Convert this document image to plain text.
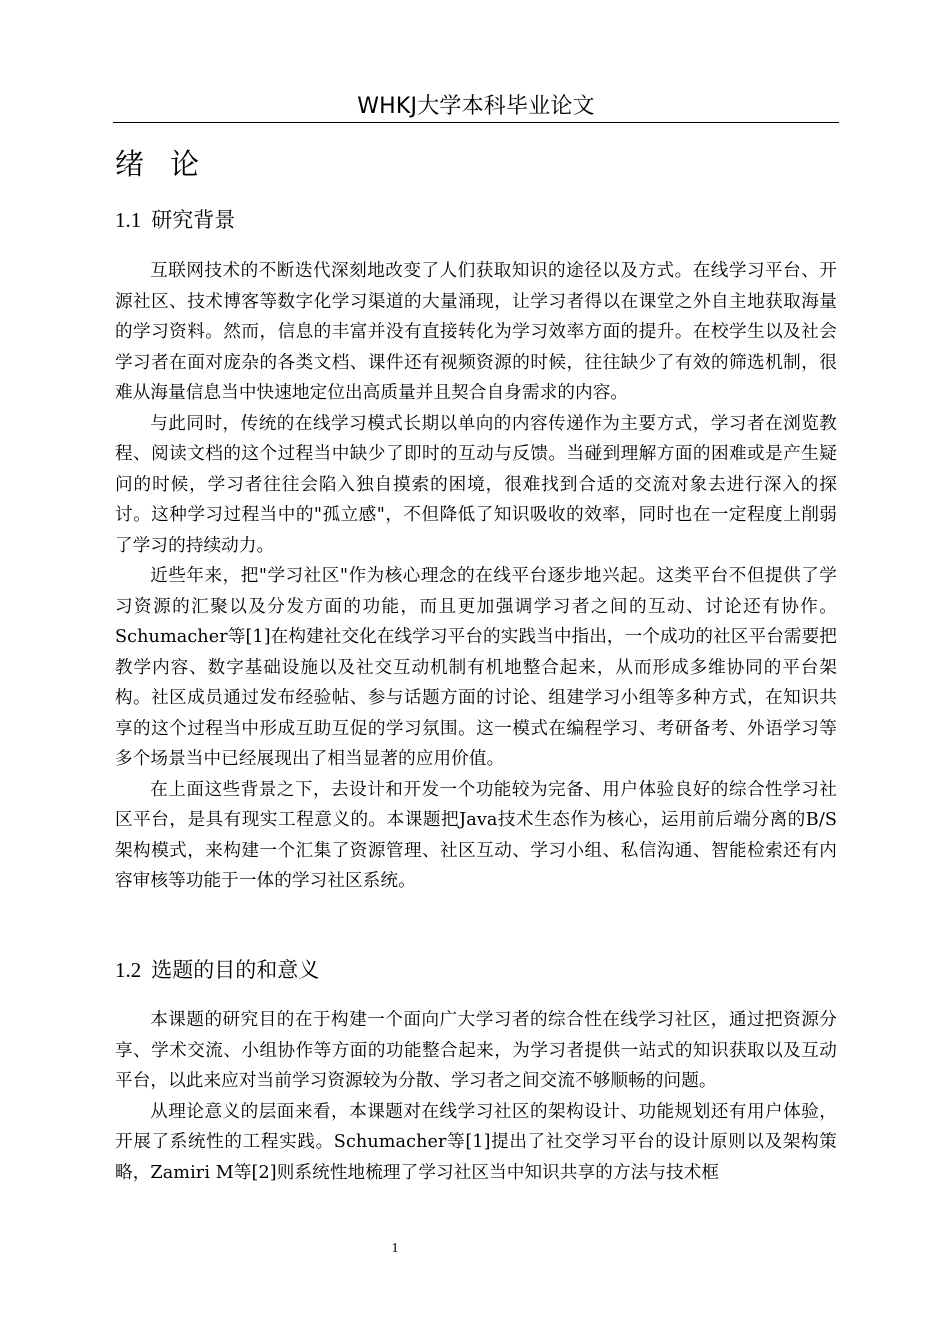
WHKJ大学本科毕业论文
绪论
1.1 研究背景

互联网技术的不断迭代深刻地改变了人们获取知识的途径以及方式。在线学习平台、开源社区、技术博客等数字化学习渠道的大量涌现，让学习者得以在课堂之外自主地获取海量的学习资料。然而，信息的丰富并没有直接转化为学习效率方面的提升。在校学生以及社会学习者在面对庞杂的各类文档、课件还有视频资源的时候，往往缺少了有效的筛选机制，很难从海量信息当中快速地定位出高质量并且契合自身需求的内容。

与此同时，传统的在线学习模式长期以单向的内容传递作为主要方式，学习者在浏览教程、阅读文档的这个过程当中缺少了即时的互动与反馈。当碰到理解方面的困难或是产生疑问的时候，学习者往往会陷入独自摸索的困境，很难找到合适的交流对象去进行深入的探讨。这种学习过程当中的"孤立感"，不但降低了知识吸收的效率，同时也在一定程度上削弱了学习的持续动力。

近些年来，把"学习社区"作为核心理念的在线平台逐步地兴起。这类平台不但提供了学习资源的汇聚以及分发方面的功能，而且更加强调学习者之间的互动、讨论还有协作。Schumacher等[1]在构建社交化在线学习平台的实践当中指出，一个成功的社区平台需要把教学内容、数字基础设施以及社交互动机制有机地整合起来，从而形成多维协同的平台架构。社区成员通过发布经验帖、参与话题方面的讨论、组建学习小组等多种方式，在知识共享的这个过程当中形成互助互促的学习氛围。这一模式在编程学习、考研备考、外语学习等多个场景当中已经展现出了相当显著的应用价值。

在上面这些背景之下，去设计和开发一个功能较为完备、用户体验良好的综合性学习社区平台，是具有现实工程意义的。本课题把Java技术生态作为核心，运用前后端分离的B/S架构模式，来构建一个汇集了资源管理、社区互动、学习小组、私信沟通、智能检索还有内容审核等功能于一体的学习社区系统。

1.2 选题的目的和意义

本课题的研究目的在于构建一个面向广大学习者的综合性在线学习社区，通过把资源分享、学术交流、小组协作等方面的功能整合起来，为学习者提供一站式的知识获取以及互动平台，以此来应对当前学习资源较为分散、学习者之间交流不够顺畅的问题。

从理论意义的层面来看，本课题对在线学习社区的架构设计、功能规划还有用户体验，开展了系统性的工程实践。Schumacher等[1]提出了社交学习平台的设计原则以及架构策略，Zamiri M等[2]则系统性地梳理了学习社区当中知识共享的方法与技术框

1
